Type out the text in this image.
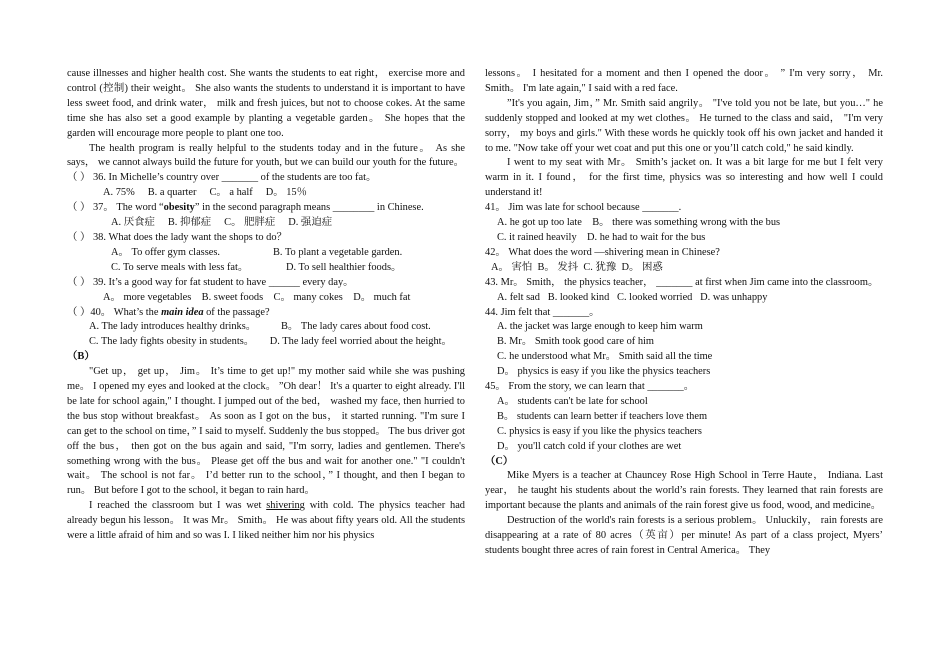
cause illnesses and higher health cost. She wants the students to eat right， exercise more and control (控制) their weight。 She also wants the students to understand it is important to have less sweet food, and drink water， milk and fresh juices, but not to choose cokes. At the same time she has also set a good example by planting a vegetable garden。 She hopes that the garden will encourage more people to plant one too.

The health program is really helpful to the students today and in the future。 As she says， we cannot always build the future for youth, but we can build our youth for the future。

（ ） 36. In Michelle’s country over _______ of the students are too fat。

A. 75%     B. a quarter     C。 a half     D。 15％

（ ） 37。 The word “obesity” in the second paragraph means ________ in Chinese.

A. 厌食症     B. 抑郁症     C。 肥胖症     D. 强迫症

（ ） 38. What does the lady want the shops to do？

A。 To offer gym classes.	B. To plant a vegetable garden.

C. To serve meals with less fat。	D. To sell healthier foods。

（ ） 39. It’s a good way for fat student to have ______ every day。

A。 more vegetables    B. sweet foods    C。 many cokes    D。 much fat

（ ）40。 What’s the main idea of the passage?

A. The lady introduces healthy drinks。 B。 The lady cares about food cost.

C. The lady fights obesity in students。      D. The lady feel worried about the height。

（B）

"Get up， get up， Jim。 It’s time to get up!" my mother said while she was pushing me。 I opened my eyes and looked at the clock。 ”Oh dear！ It's a quarter to eight already. I'll be late for school again," I thought. I jumped out of the bed， washed my face, then hurried to the bus stop without breakfast。 As soon as I got on the bus， it started running. "I'm sure I can get to the school on time，” I said to myself. Suddenly the bus stopped。 The bus driver got off the bus， then got on the bus again and said, "I'm sorry, ladies and gentlemen. There's something wrong with the bus。 Please get off the bus and wait for another one." "I couldn't wait。 The school is not far。 I’d better run to the school，” I thought, and then I began to run。 But before I got to the school, it began to rain hard。

I reached the classroom but I was wet shivering with cold. The physics teacher had already begun his lesson。 It was Mr。 Smith。 He was about fifty years old. All the students were a little afraid of him and so was I. I liked neither him nor his physics

lessons。 I hesitated for a moment and then I opened the door。 ” I'm very sorry， Mr. Smith。 I'm late again," I said with a red face.

”It's you again, Jim，” Mr. Smith said angrily。 "I've told you not be late, but you…" he suddenly stopped and looked at my wet clothes。 He turned to the class and said， "I'm very sorry， my boys and girls." With these words he quickly took off his own jacket and handed it to me. "Now take off your wet coat and put this one or you’ll catch cold," he said kindly.

I went to my seat with Mr。 Smith’s jacket on. It was a bit large for me but I felt very warm in it. I found， for the first time, physics was so interesting and how well I could understand it!

41。 Jim was late for school because _______.

A. he got up too late    B。 there was something wrong with the bus

C. it rained heavily    D. he had to wait for the bus

42。 What does the word —shivering mean in Chinese?

A。 害怕  B。 发抖  C. 犹豫  D。 困惑

43. Mr。 Smith， the physics teacher， _______ at first when Jim came into the classroom。

A. felt sad   B. looked kind   C. looked worried   D. was unhappy

44. Jim felt that _______。

A. the jacket was large enough to keep him warm

B. Mr。 Smith took good care of him

C. he understood what Mr。 Smith said all the time

D。 physics is easy if you like the physics teachers

45。 From the story, we can learn that _______。

A。 students can't be late for school

B。 students can learn better if teachers love them

C. physics is easy if you like the physics teachers

D。 you'll catch cold if your clothes are wet

（C）

Mike Myers is a teacher at Chauncey Rose High School in Terre Haute， Indiana. Last year， he taught his students about the world’s rain forests. They learned that rain forests are important because the plants and animals of the rain forest give us food, wood, and medicine。

Destruction of the world's rain forests is a serious problem。 Unluckily， rain forests are disappearing at a rate of 80 acres（英亩）per minute! As part of a class project, Myers’ students bought three acres of rain forest in Central America。 They
